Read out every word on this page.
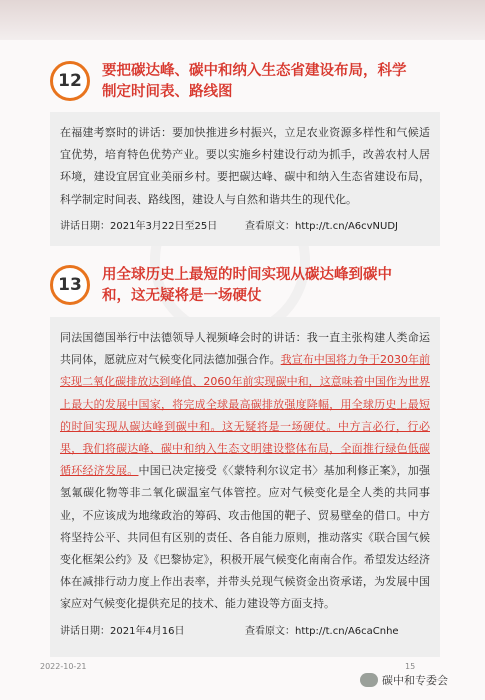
12	要把碳达峰、碳中和纳入生态省建设布局，科学制定时间表、路线图
在福建考察时的讲话：要加快推进乡村振兴，立足农业资源多样性和气候适宜优势，培育特色优势产业。要以实施乡村建设行动为抓手，改善农村人居环境，建设宜居宜业美丽乡村。要把碳达峰、碳中和纳入生态省建设布局，科学制定时间表、路线图，建设人与自然和谐共生的现代化。
讲话日期：2021年3月22日至25日	查看原文：http://t.cn/A6cvNUDJ
13	用全球历史上最短的时间实现从碳达峰到碳中和，这无疑将是一场硬仗
同法国德国举行中法德领导人视频峰会时的讲话：我一直主张构建人类命运共同体，愿就应对气候变化同法德加强合作。我宣布中国将力争于2030年前实现二氧化碳排放达到峰值、2060年前实现碳中和，这意味着中国作为世界上最大的发展中国家，将完成全球最高碳排放强度降幅，用全球历史上最短的时间实现从碳达峰到碳中和。这无疑将是一场硬仗。中方言必行，行必果，我们将碳达峰、碳中和纳入生态文明建设整体布局，全面推行绿色低碳循环经济发展。中国已决定接受《〈蒙特利尔议定书〉基加利修正案》，加强氢氟碳化物等非二氧化碳温室气体管控。应对气候变化是全人类的共同事业，不应该成为地缘政治的筹码、攻击他国的靶子、贸易壁垒的借口。中方将坚持公平、共同但有区别的责任、各自能力原则，推动落实《联合国气候变化框架公约》及《巴黎协定》，积极开展气候变化南南合作。希望发达经济体在减排行动力度上作出表率，并带头兑现气候资金出资承诺，为发展中国家应对气候变化提供充足的技术、能力建设等方面支持。
讲话日期：2021年4月16日	查看原文：http://t.cn/A6caCnhe
2022-10-21	15
碳中和专委会
